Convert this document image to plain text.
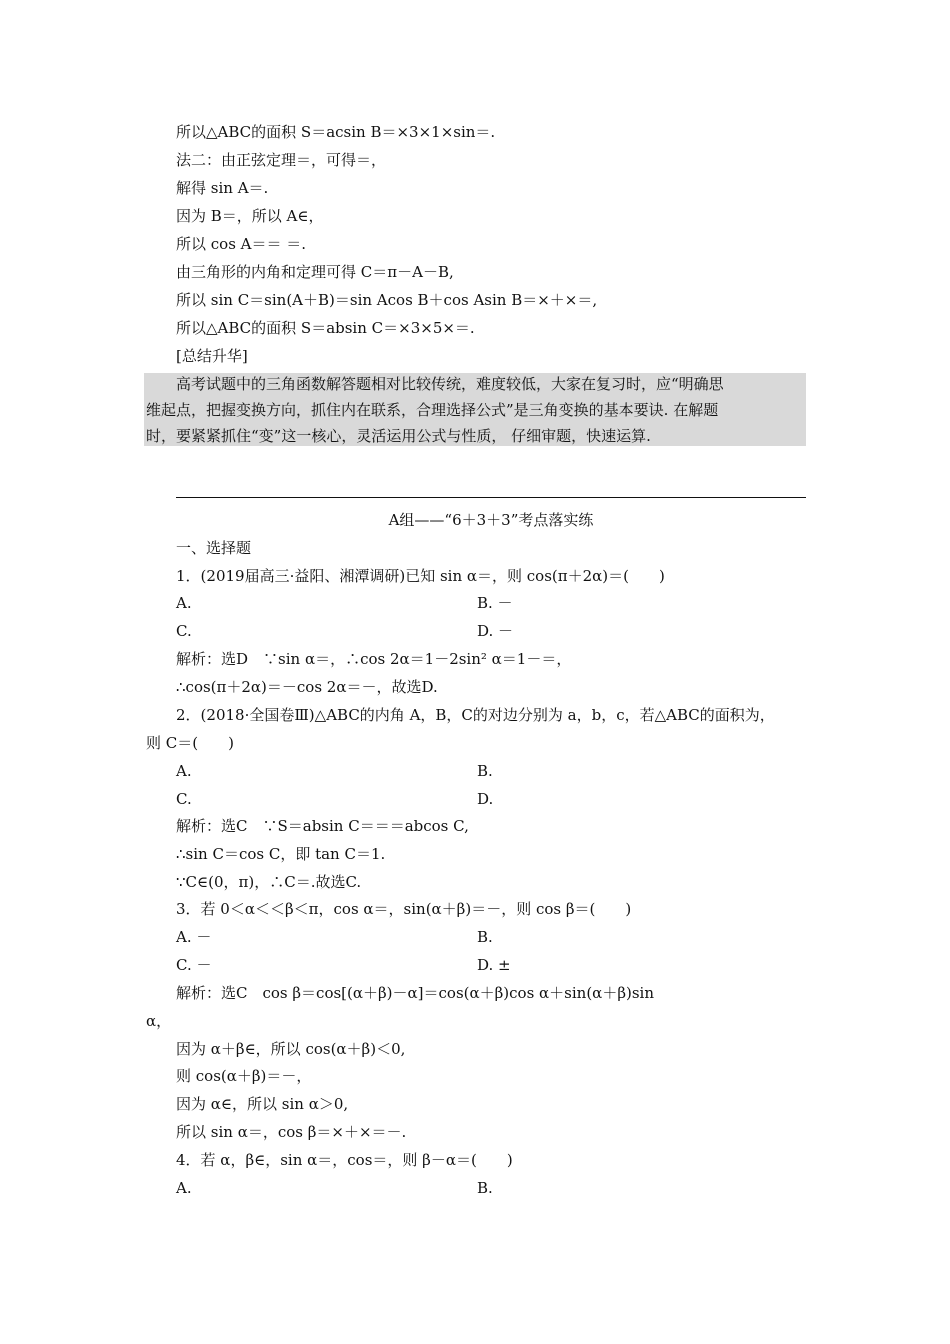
所以△ABC的面积 S＝acsin B＝×3×1×sin＝.
法二：由正弦定理＝，可得＝，
解得 sin A＝.
因为 B＝，所以 A∈，
所以 cos A＝＝ ＝.
由三角形的内角和定理可得 C＝π－A－B,
所以 sin C＝sin(A＋B)＝sin Acos B＋cos Asin B＝×＋×＝,
所以△ABC的面积 S＝absin C＝×3×5×＝.
[总结升华]
高考试题中的三角函数解答题相对比较传统，难度较低，大家在复习时，应“明确思
维起点，把握变换方向，抓住内在联系，合理选择公式”是三角变换的基本要诀. 在解题
时，要紧紧抓住“变”这一核心，灵活运用公式与性质， 仔细审题，快速运算.
A组——“6＋3＋3”考点落实练
一、选择题
1．(2019届高三·益阳、湘潭调研)已知 sin α＝，则 cos(π＋2α)＝(　　)
A.	B. －
C.	D. －
解析：选D　∵sin α＝，∴cos 2α＝1－2sin² α＝1－＝，
∴cos(π＋2α)＝－cos 2α＝－，故选D.
2．(2018·全国卷Ⅲ)△ABC的内角 A，B，C的对边分别为 a，b，c，若△ABC的面积为，
则 C＝(　　)
A.	B.
C.	D.
解析：选C　∵S＝absin C＝＝＝abcos C,
∴sin C＝cos C，即 tan C＝1.
∵C∈(0，π)，∴C＝.故选C.
3．若 0＜α＜＜β＜π，cos α＝，sin(α＋β)＝－，则 cos β＝(　　)
A. －	B.
C. －	D. ±
解析：选C　cos β＝cos[(α＋β)－α]＝cos(α＋β)cos α＋sin(α＋β)sin
α，
因为 α＋β∈，所以 cos(α＋β)＜0,
则 cos(α＋β)＝－，
因为 α∈，所以 sin α＞0,
所以 sin α＝，cos β＝×＋×＝－.
4．若 α，β∈，sin α＝，cos＝，则 β－α＝(　　)
A.	B.
